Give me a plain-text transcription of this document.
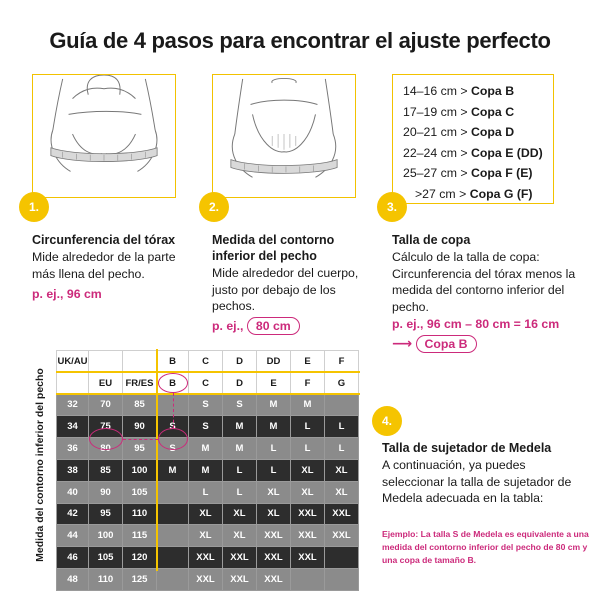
Guía de 4 pasos para encontrar el ajuste perfecto
1.	2.
14–16 cm > Copa B
17–19 cm > Copa C
20–21 cm > Copa D
22–24 cm > Copa E (DD)
25–27 cm > Copa F (E)
>27 cm > Copa G (F)
3.
Circunferencia del tórax
Mide alrededor de la parte más llena del pecho.
p. ej., 96 cm
Medida del contorno inferior del pecho
Mide alrededor del cuerpo, justo por debajo de los pechos.
p. ej., 80 cm
Talla de copa
Cálculo de la talla de copa: Circunferencia del tórax menos la medida del contorno inferior del pecho.
p. ej., 96 cm – 80 cm = 16 cm
⟶ Copa B
4.
Talla de sujetador de Medela
A continuación, ya puedes seleccionar la talla de sujetador de Medela adecuada en la tabla:
Ejemplo: La talla S de Medela es equivalente a una medida del contorno inferior del pecho de 80 cm y una copa de tamaño B.
Medida del contorno inferior del pecho
UK/AU			B	C	D	DD	E	F
	EU	FR/ES	B	C	D	E	F	G
32	70	85		S	S	M	M	
34	75	90	S	S	M	M	L	L
36	80	95	S	M	M	L	L	L
38	85	100	M	M	L	L	XL	XL
40	90	105		L	L	XL	XL	XL
42	95	110		XL	XL	XL	XXL	XXL
44	100	115		XL	XL	XXL	XXL	XXL
46	105	120		XXL	XXL	XXL	XXL	
48	110	125		XXL	XXL	XXL		
